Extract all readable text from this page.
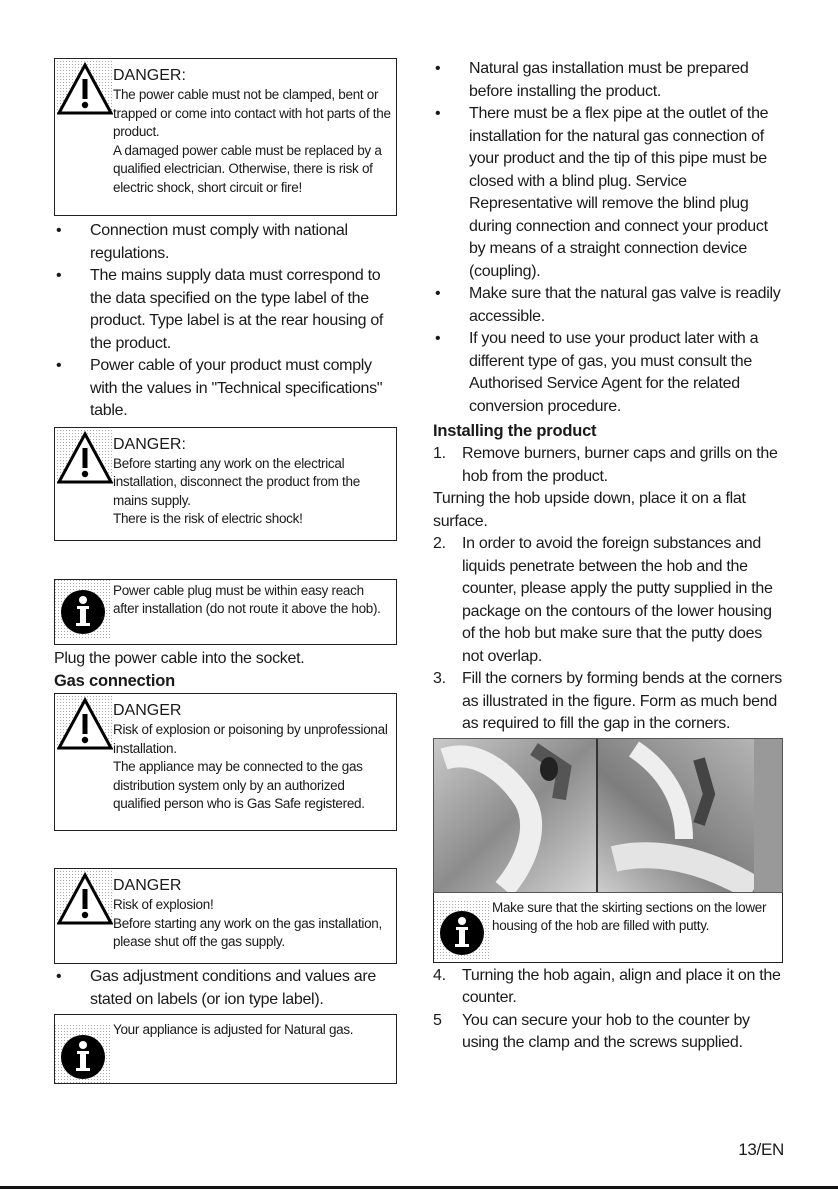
DANGER:
The power cable must not be clamped, bent or trapped or come into contact with hot parts of the product.
A damaged power cable must be replaced by a qualified electrician. Otherwise, there is risk of electric shock, short circuit or fire!
•	Connection must comply with national regulations.
•	The mains supply data must correspond to the data specified on the type label of the product. Type label is at the rear housing of the product.
•	Power cable of your product must comply with the values in "Technical specifications" table.
DANGER:
Before starting any work on the electrical installation, disconnect the product from the mains supply.
There is the risk of electric shock!
Power cable plug must be within easy reach after installation (do not route it above the hob).
Plug the power cable into the socket.
Gas connection
DANGER
Risk of explosion or poisoning by unprofessional installation.
The appliance may be connected to the gas distribution system only by an authorized qualified person who is Gas Safe registered.
DANGER
Risk of explosion!
Before starting any work on the gas installation, please shut off the gas supply.
•	Gas adjustment conditions and values are stated on labels (or ion type label).
Your appliance is adjusted for Natural gas.
•	Natural gas installation must be prepared before installing the product.
•	There must be a flex pipe at the outlet of the installation for the natural gas connection of your product and the tip of this pipe must be closed with a blind plug. Service Representative will remove the blind plug during connection and connect your product by means of a straight connection device (coupling).
•	Make sure that the natural gas valve is readily accessible.
•	If you need to use your product later with a different type of gas, you must consult the Authorised Service Agent for the related conversion procedure.
Installing the product
1.	Remove burners, burner caps and grills on the hob from the product.
Turning the hob upside down, place it on a flat surface.
2.	In order to avoid the foreign substances and liquids penetrate between the hob and the counter, please apply the putty supplied in the package on the contours of the lower housing of the hob but make sure that the putty does not overlap.
3.	Fill the corners by forming bends at the corners as illustrated in the figure. Form as much bend as required to fill the gap in the corners.
Make sure that the skirting sections on the lower housing of the hob are filled with putty.
4.	Turning the hob again, align and place it on the counter.
5	You can secure your hob to the counter by using the clamp and the screws supplied.
13/EN
